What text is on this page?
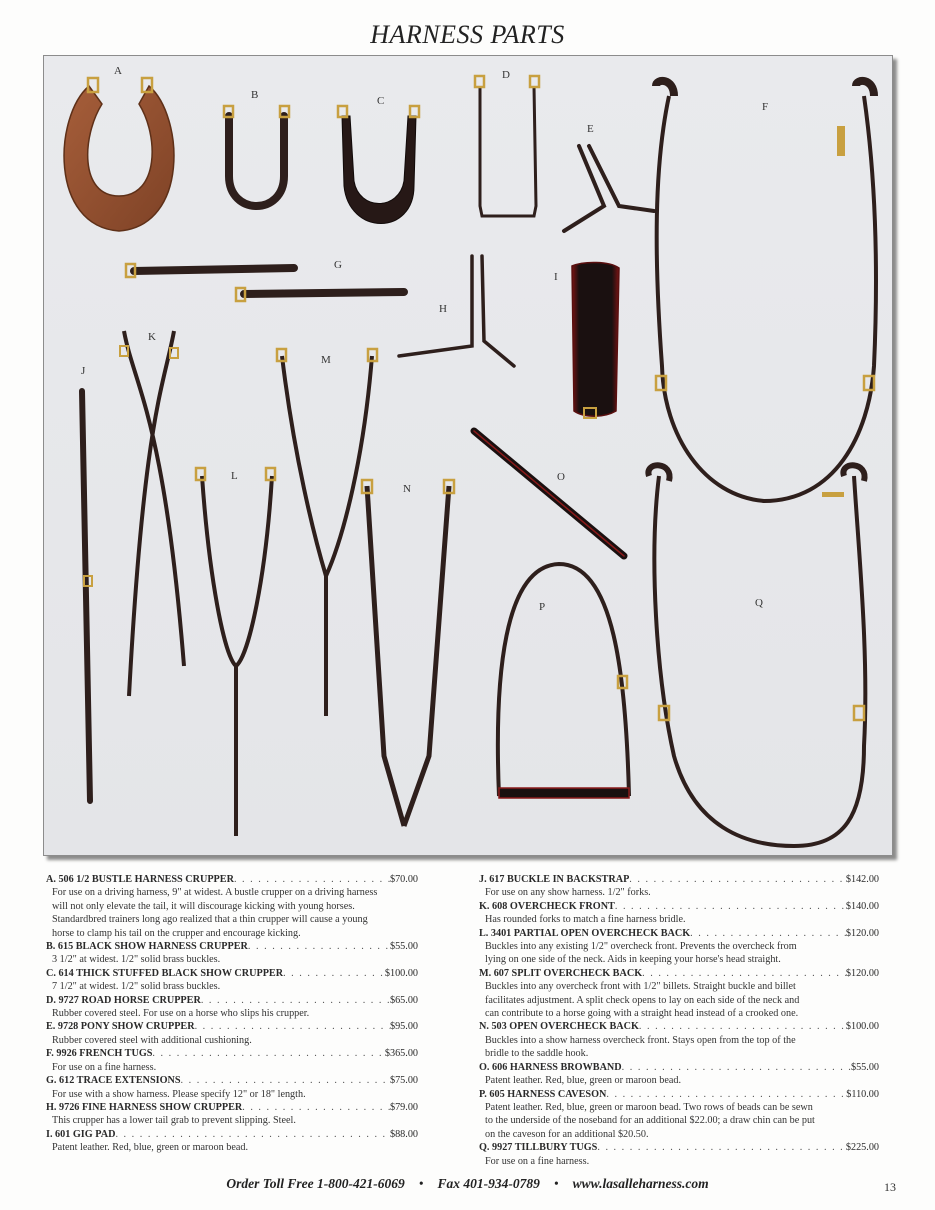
HARNESS PARTS
A
B	C
D
E
F
G
H
I
J
K
L
M
N
O
P	Q
A. 506 1/2 BUSTLE HARNESS CRUPPER . . .	$70.00
For use on a driving harness, 9" at widest. A bustle crupper on a driving harness
will not only elevate the tail, it will discourage kicking with young horses.
Standardbred trainers long ago realized that a thin crupper will cause a young
horse to clamp his tail on the crupper and encourage kicking.
B. 615 BLACK SHOW HARNESS CRUPPER . . .	$55.00
3 1/2" at widest. 1/2" solid brass buckles.
C. 614 THICK STUFFED BLACK SHOW CRUPPER . . .	$100.00
7 1/2" at widest. 1/2" solid brass buckles.
D. 9727 ROAD HORSE CRUPPER . . .	$65.00
Rubber covered steel. For use on a horse who slips his crupper.
E. 9728 PONY SHOW CRUPPER . . .	$95.00
Rubber covered steel with additional cushioning.
F. 9926 FRENCH TUGS . . .	$365.00
For use on a fine harness.
G. 612 TRACE EXTENSIONS . . .	$75.00
For use with a show harness. Please specify 12" or 18" length.
H. 9726 FINE HARNESS SHOW CRUPPER . . .	$79.00
This crupper has a lower tail grab to prevent slipping. Steel.
I. 601 GIG PAD . . .	$88.00
Patent leather. Red, blue, green or maroon bead.
J. 617 BUCKLE IN BACKSTRAP . . .	$142.00
For use on any show harness. 1/2" forks.
K. 608 OVERCHECK FRONT . . .	$140.00
Has rounded forks to match a fine harness bridle.
L. 3401 PARTIAL OPEN OVERCHECK BACK . . .	$120.00
Buckles into any existing 1/2" overcheck front. Prevents the overcheck from
lying on one side of the neck. Aids in keeping your horse's head straight.
M. 607 SPLIT OVERCHECK BACK . . .	$120.00
Buckles into any overcheck front with 1/2" billets. Straight buckle and billet
facilitates adjustment. A split check opens to lay on each side of the neck and
can contribute to a horse going with a straight head instead of a crooked one.
N. 503 OPEN OVERCHECK BACK . . .	$100.00
Buckles into a show harness overcheck front. Stays open from the top of the
bridle to the saddle hook.
O. 606 HARNESS BROWBAND . . .	$55.00
Patent leather. Red, blue, green or maroon bead.
P. 605 HARNESS CAVESON . . .	$110.00
Patent leather. Red, blue, green or maroon bead. Two rows of beads can be sewn
to the underside of the noseband for an additional $22.00; a draw chin can be put
on the caveson for an additional $20.50.
Q. 9927 TILLBURY TUGS . . .	$225.00
For use on a fine harness.
Order Toll Free 1-800-421-6069 • Fax 401-934-0789 • www.lasalleharness.com	13
